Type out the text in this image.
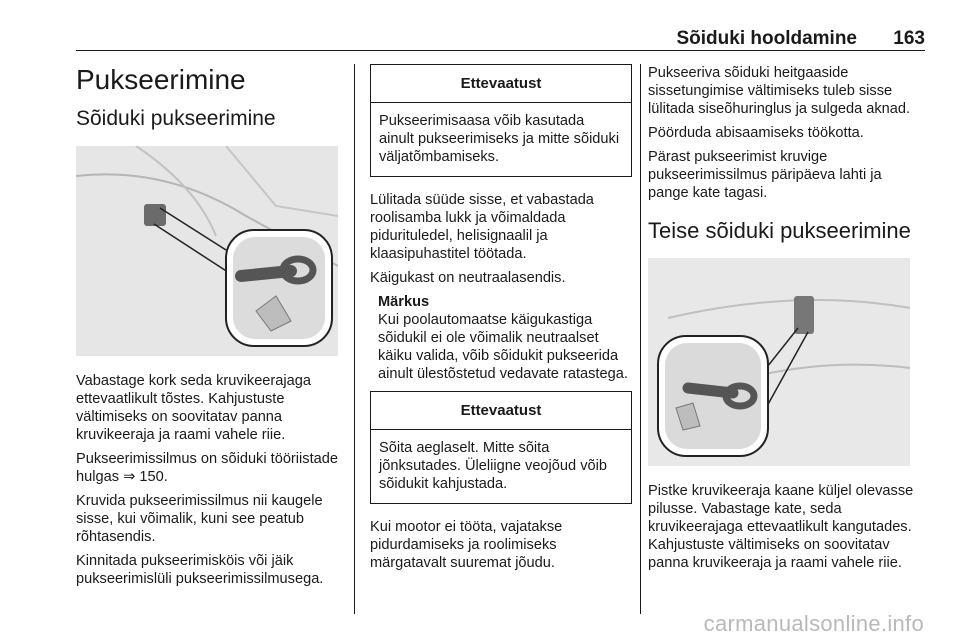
Sõiduki hooldamine 163
Pukseerimine
Sõiduki pukseerimine

Vabastage kork seda kruvikeerajaga ettevaatlikult tõstes. Kahjustuste vältimiseks on soovitatav panna kruvikeeraja ja raami vahele riie.

Pukseerimissilmus on sõiduki tööriistade hulgas ⇒ 150.

Kruvida pukseerimissilmus nii kaugele sisse, kui võimalik, kuni see peatub rõhtasendis.

Kinnitada pukseerimisköis või jäik pukseerimislüli pukseerimissilmusega.

Ettevaatust

Pukseerimisaasa võib kasutada ainult pukseerimiseks ja mitte sõiduki väljatõmbamiseks.

Lülitada süüde sisse, et vabastada roolisamba lukk ja võimaldada pidurituledel, helisignaalil ja klaasipuhastitel töötada.

Käigukast on neutraalasendis.

Märkus

Kui poolautomaatse käigukastiga sõidukil ei ole võimalik neutraalset käiku valida, võib sõidukit pukseerida ainult ülestõstetud vedavate ratastega.

Ettevaatust

Sõita aeglaselt. Mitte sõita jõnksutades. Üleliigne veojõud võib sõidukit kahjustada.

Kui mootor ei tööta, vajatakse pidurdamiseks ja roolimiseks märgatavalt suuremat jõudu.

Pukseeriva sõiduki heitgaaside sissetungimise vältimiseks tuleb sisse lülitada siseõhuringlus ja sulgeda aknad.

Pöörduda abisaamiseks töökotta.

Pärast pukseerimist kruvige pukseerimissilmus päripäeva lahti ja pange kate tagasi.

Teise sõiduki pukseerimine

Pistke kruvikeeraja kaane küljel olevasse pilusse. Vabastage kate, seda kruvikeerajaga ettevaatlikult kangutades. Kahjustuste vältimiseks on soovitatav panna kruvikeeraja ja raami vahele riie.

carmanualsonline.info
